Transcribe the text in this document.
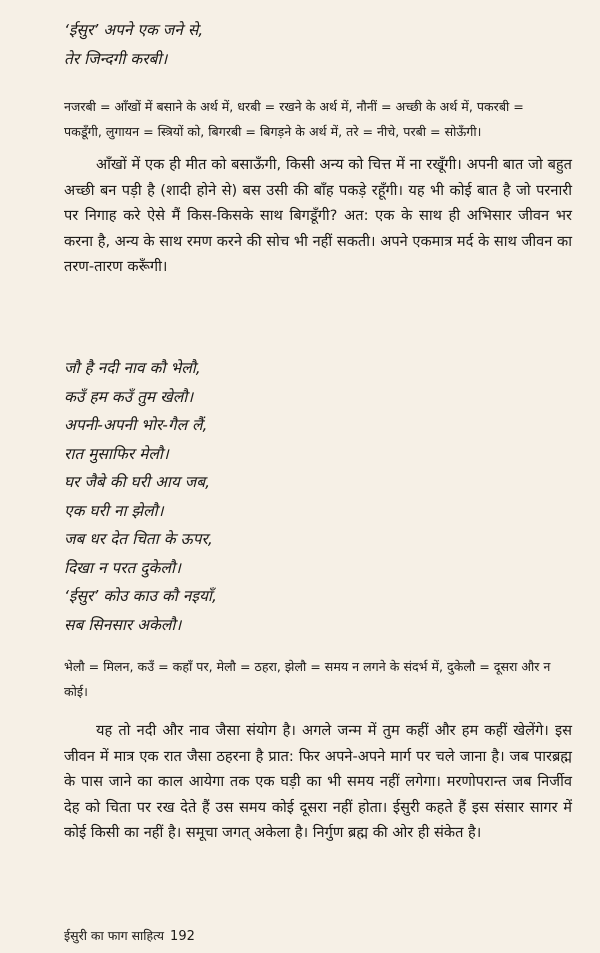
‘ईसुर’ अपने एक जने से,
तेर जिन्दगी करबी।
नजरबी = आँखों में बसाने के अर्थ में, धरबी = रखने के अर्थ में, नौनीं = अच्छी के अर्थ में, पकरबी = पकडूँगी, लुगायन = स्त्रियों को, बिगरबी = बिगड़ने के अर्थ में, तरे = नीचे, परबी = सोऊँगी।
आँखों में एक ही मीत को बसाऊँगी, किसी अन्य को चित्त में ना रखूँगी। अपनी बात जो बहुत अच्छी बन पड़ी है (शादी होने से) बस उसी की बाँह पकड़े रहूँगी। यह भी कोई बात है जो परनारी पर निगाह करे ऐसे मैं किस-किसके साथ बिगडूँगी? अत: एक के साथ ही अभिसार जीवन भर करना है, अन्य के साथ रमण करने की सोच भी नहीं सकती। अपने एकमात्र मर्द के साथ जीवन का तरण-तारण करूँगी।
जौ है नदी नाव कौ भेलौ,
कउँ हम कउँ तुम खेलौ।
अपनी-अपनी भोर-गैल लैं,
रात मुसाफिर मेलौ।
घर जैबे की घरी आय जब,
एक घरी ना झेलौ।
जब धर देत चिता के ऊपर,
दिखा न परत दुकेलौ।
‘ईसुर’ कोउ काउ कौ नइयाँ,
सब सिनसार अकेलौ।
भेलौ = मिलन, कउँ = कहाँ पर, मेलौ = ठहरा, झेलौ = समय न लगने के संदर्भ में, दुकेलौ = दूसरा और न कोई।
यह तो नदी और नाव जैसा संयोग है। अगले जन्म में तुम कहीं और हम कहीं खेलेंगे। इस जीवन में मात्र एक रात जैसा ठहरना है प्रात: फिर अपने-अपने मार्ग पर चले जाना है। जब पारब्रह्म के पास जाने का काल आयेगा तक एक घड़ी का भी समय नहीं लगेगा। मरणोपरान्त जब निर्जीव देह को चिता पर रख देते हैं उस समय कोई दूसरा नहीं होता। ईसुरी कहते हैं इस संसार सागर में कोई किसी का नहीं है। समूचा जगत् अकेला है। निर्गुण ब्रह्म की ओर ही संकेत है।
ईसुरी का फाग साहित्य 192
